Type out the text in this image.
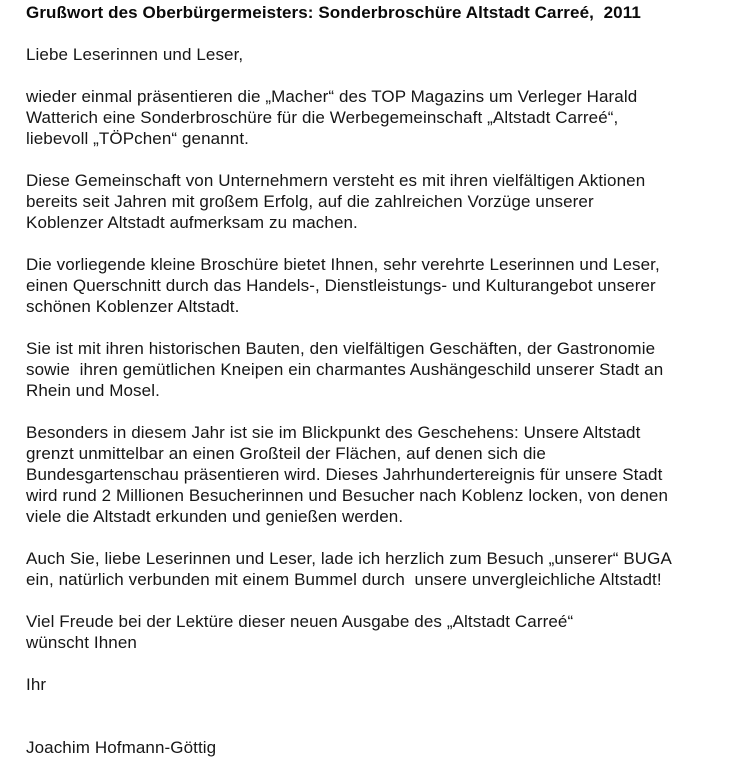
Grußwort des Oberbürgermeisters: Sonderbroschüre Altstadt Carreé,  2011
Liebe Leserinnen und Leser,
wieder einmal präsentieren die „Macher“ des TOP Magazins um Verleger Harald
Watterich eine Sonderbroschüre für die Werbegemeinschaft „Altstadt Carreé“,
liebevoll „TÖPchen“ genannt.
Diese Gemeinschaft von Unternehmern versteht es mit ihren vielfältigen Aktionen
bereits seit Jahren mit großem Erfolg, auf die zahlreichen Vorzüge unserer
Koblenzer Altstadt aufmerksam zu machen.
Die vorliegende kleine Broschüre bietet Ihnen, sehr verehrte Leserinnen und Leser,
einen Querschnitt durch das Handels-, Dienstleistungs- und Kulturangebot unserer
schönen Koblenzer Altstadt.
Sie ist mit ihren historischen Bauten, den vielfältigen Geschäften, der Gastronomie
sowie  ihren gemütlichen Kneipen ein charmantes Aushängeschild unserer Stadt an
Rhein und Mosel.
Besonders in diesem Jahr ist sie im Blickpunkt des Geschehens: Unsere Altstadt
grenzt unmittelbar an einen Großteil der Flächen, auf denen sich die
Bundesgartenschau präsentieren wird. Dieses Jahrhundertereignis für unsere Stadt
wird rund 2 Millionen Besucherinnen und Besucher nach Koblenz locken, von denen
viele die Altstadt erkunden und genießen werden.
Auch Sie, liebe Leserinnen und Leser, lade ich herzlich zum Besuch „unserer“ BUGA
ein, natürlich verbunden mit einem Bummel durch  unsere unvergleichliche Altstadt!
Viel Freude bei der Lektüre dieser neuen Ausgabe des „Altstadt Carreé“
wünscht Ihnen
Ihr
Joachim Hofmann-Göttig
